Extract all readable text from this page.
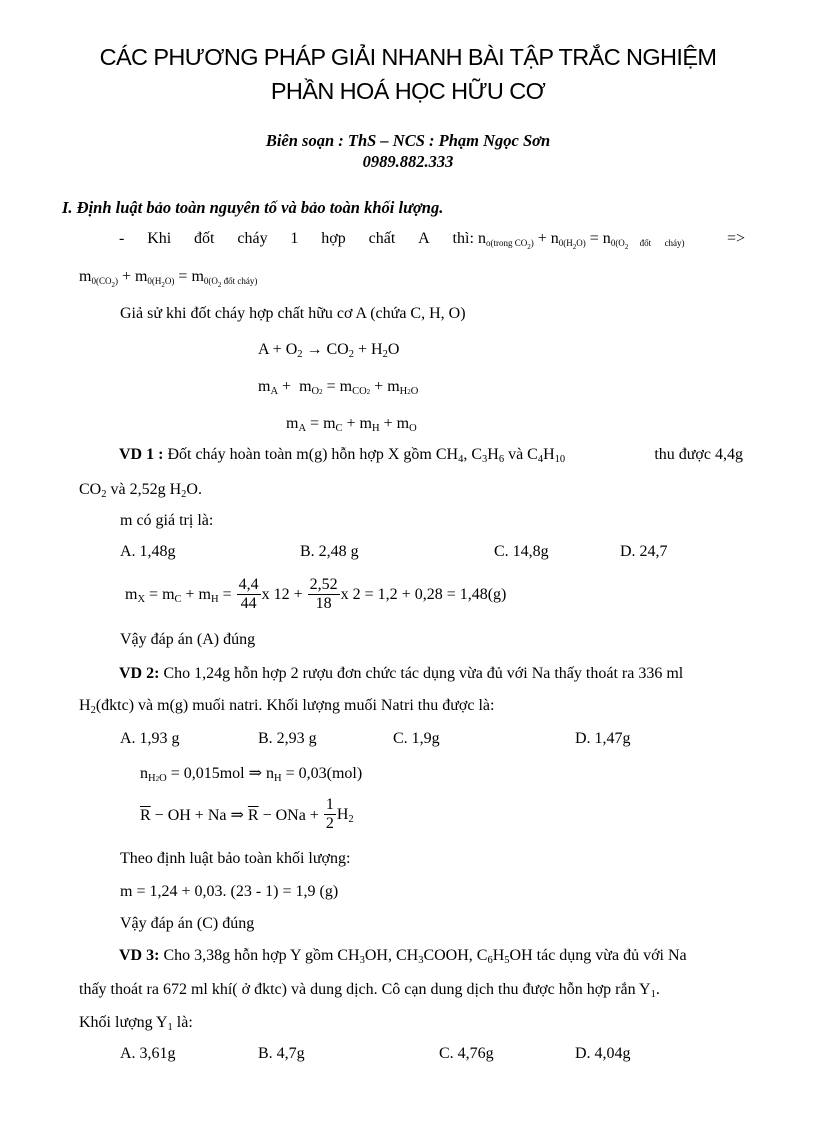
CÁC PHƯƠNG PHÁP GIẢI NHANH BÀI TẬP TRẮC NGHIỆM
PHẦN HOÁ HỌC HỮU CƠ
Biên soạn : ThS – NCS : Phạm Ngọc Sơn
0989.882.333
I. Định luật bảo toàn nguyên tố và bảo toàn khối lượng.
- Khi đốt cháy 1 hợp chất A thì: no(trong $CO_2) + n0(H_2O) = n0(O_2$     đốt      cháy)	=>
$m0(CO_2) + m0(H_2O) = m0(O_2$ đốt cháy)
Giả sử khi đốt cháy hợp chất hữu cơ A (chứa C, H, O)
$A + O_2 \to CO_2 + H_2O$
$m_A + m_{O2} = m_{CO2} + m_{H2O}$
$m_A = m_C + m_H + m_O$
VD 1 : Đốt cháy hoàn toàn m(g) hỗn hợp X gồm $CH_4$, $C_3H_6$ và $C_4H_{10}$	thu được 4,4g
$CO_2$ và 2,52g $H_2O$.
m có giá trị là:
A. 1,48g	B. 2,48 g	C. 14,8g	D. 24,7
$m_X = m_C + m_H = \frac{4,4}{44}$ x $12 + \frac{2,52}{18}$ x 2 = 1,2 + 0,28 = 1,48(g)
Vậy đáp án (A) đúng
VD 2: Cho 1,24g hỗn hợp 2 rượu đơn chức tác dụng vừa đủ với Na thấy thoát ra 336 ml
$H_2(đktc)$ và m(g) muối natri. Khối lượng muối Natri thu được là:
A. 1,93 g	B. 2,93 g	C. 1,9g	D. 1,47g
$n_{H2O} = 0,015mol$ ⇒ $n_H = 0,03(mol)$
$\overline{R}$ − OH + Na ⇒ $\overline{R}$ − ONa + $\frac{1}{2} H_2$
Theo định luật bảo toàn khối lượng:
m = 1,24 + 0,03. (23 - 1) = 1,9 (g)
Vậy đáp án (C) đúng
VD 3: Cho 3,38g hỗn hợp Y gồm $CH_3OH$, $CH_3COOH$, $C_6H_5OH$ tác dụng vừa đủ với Na
thấy thoát ra 672 ml khí( ở đktc) và dung dịch. Cô cạn dung dịch thu được hỗn hợp rắn $Y_1$.
Khối lượng $Y_1$ là:
A. 3,61g	B. 4,7g	C. 4,76g	D. 4,04g
